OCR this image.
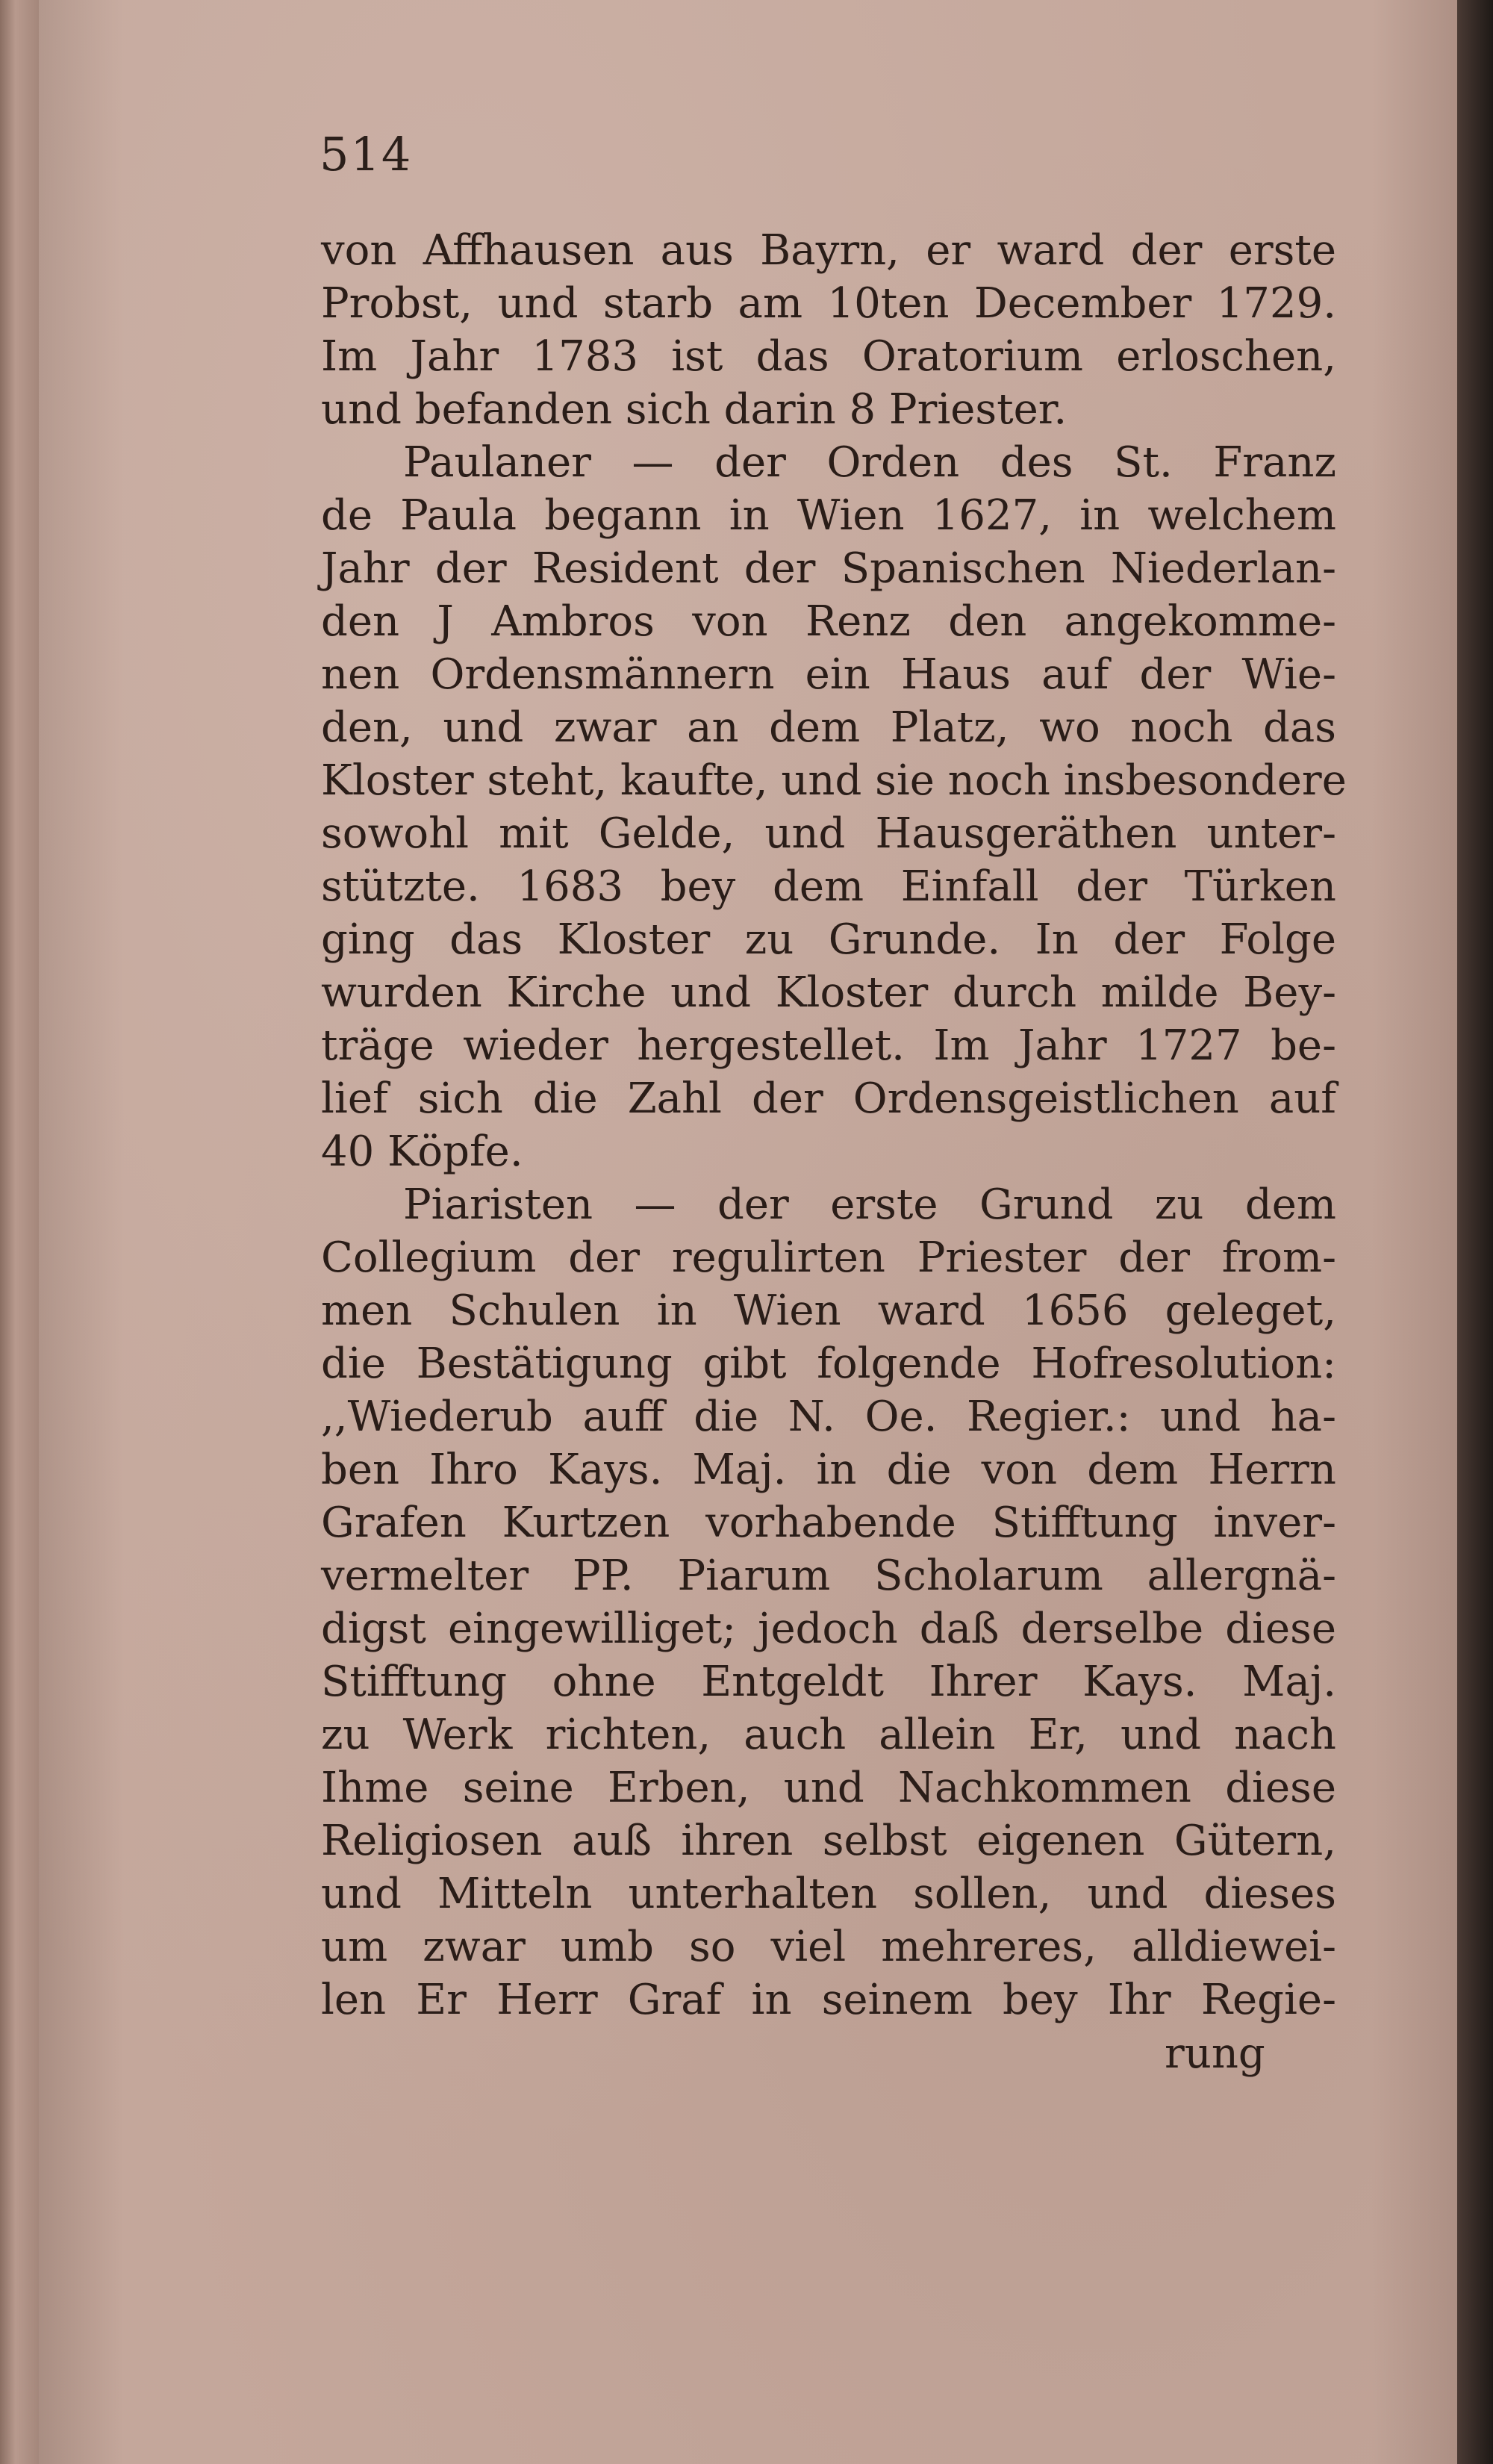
514
von Affhausen aus Bayrn, er ward der erste
Probst, und starb am 10ten December 1729.
Im Jahr 1783 ist das Oratorium erloschen,
und befanden sich darin 8 Priester.
Paulaner — der Orden des St. Franz
de Paula begann in Wien 1627, in welchem
Jahr der Resident der Spanischen Niederlan-
den J Ambros von Renz den angekomme-
nen Ordensmännern ein Haus auf der Wie-
den, und zwar an dem Platz, wo noch das
Kloster steht, kaufte, und sie noch insbesondere
sowohl mit Gelde, und Hausgeräthen unter-
stützte. 1683 bey dem Einfall der Türken
ging das Kloster zu Grunde. In der Folge
wurden Kirche und Kloster durch milde Bey-
träge wieder hergestellet. Im Jahr 1727 be-
lief sich die Zahl der Ordensgeistlichen auf
40 Köpfe.
Piaristen — der erste Grund zu dem
Collegium der regulirten Priester der from-
men Schulen in Wien ward 1656 geleget,
die Bestätigung gibt folgende Hofresolution:
,,Wiederub auff die N. Oe. Regier.: und ha-
ben Ihro Kays. Maj. in die von dem Herrn
Grafen Kurtzen vorhabende Stifftung inver-
vermelter PP. Piarum Scholarum allergnä-
digst eingewilliget; jedoch daß derselbe diese
Stifftung ohne Entgeldt Ihrer Kays. Maj.
zu Werk richten, auch allein Er, und nach
Ihme seine Erben, und Nachkommen diese
Religiosen auß ihren selbst eigenen Gütern,
und Mitteln unterhalten sollen, und dieses
um zwar umb so viel mehreres, alldiewei-
len Er Herr Graf in seinem bey Ihr Regie-
rung
